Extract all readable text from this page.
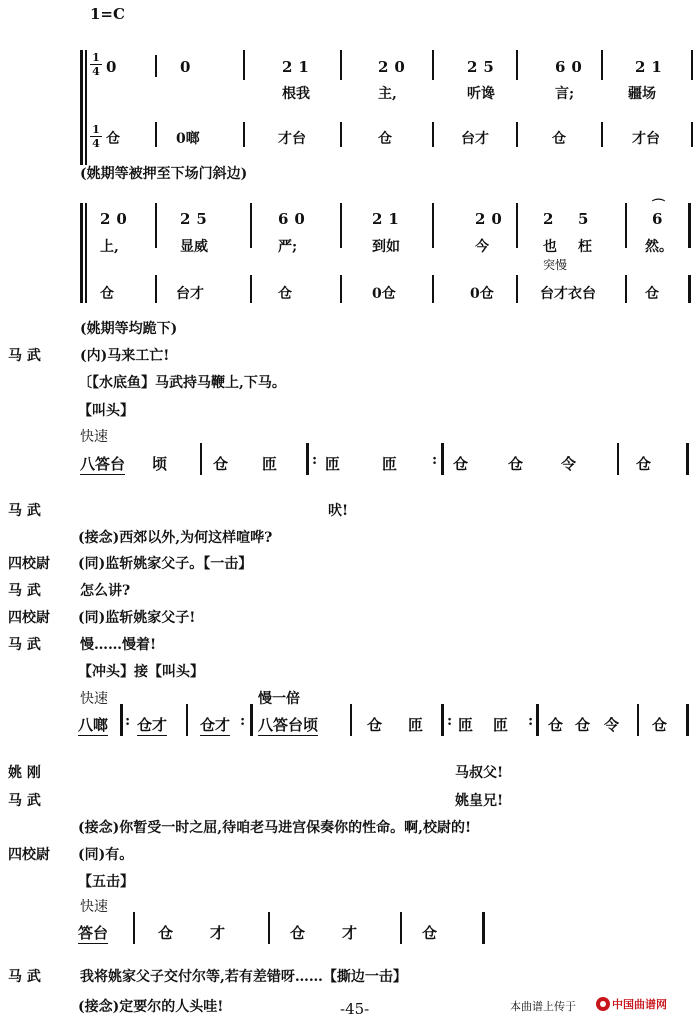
1=C
1
4 0	0	21	20	25	60	21
根我	主,	听谗	言;	疆场
1
4 仓	0啷	才台	仓	台才	仓	才台
(姚期等被押至下场门斜边)
20	25	60	21	20 2 5
⌒
6
上,	显威	严;	到如	今	也 枉	然。
突慢
仓	台才	仓	0仓	0仓	台才衣台	仓
(姚期等均跪下)
马 武	(内)马来工亡!
〔【水底鱼】马武持马鞭上,下马。
【叫头】
快速
八答台 顷	仓 匝 : 匝	匝 : 仓	仓	令	仓
马 武	吠!
(接念)西郊以外,为何这样喧哗?
四校尉 (同)监斩姚家父子。【一击】
马 武	怎么讲?
四校尉 (同)监斩姚家父子!
马 武	慢……慢着!
【冲头】接【叫头】
快速	慢一倍
八啷 : 仓才 仓才 : 八答台顷	仓 匝 : 匝 匝 : 仓 仓 令 仓
姚 刚	马叔父!
马 武	姚皇兄!
(接念)你暂受一时之屈,待咱老马进宫保奏你的性命。啊,校尉的!
四校尉 (同)有。
【五击】
快速
答台	仓 才	仓 才	仓
马 武	我将姚家父子交付尔等,若有差错呀……【撕边一击】
(接念)定要尔的人头哇!	-45-	本曲谱上传于	中国曲谱网
